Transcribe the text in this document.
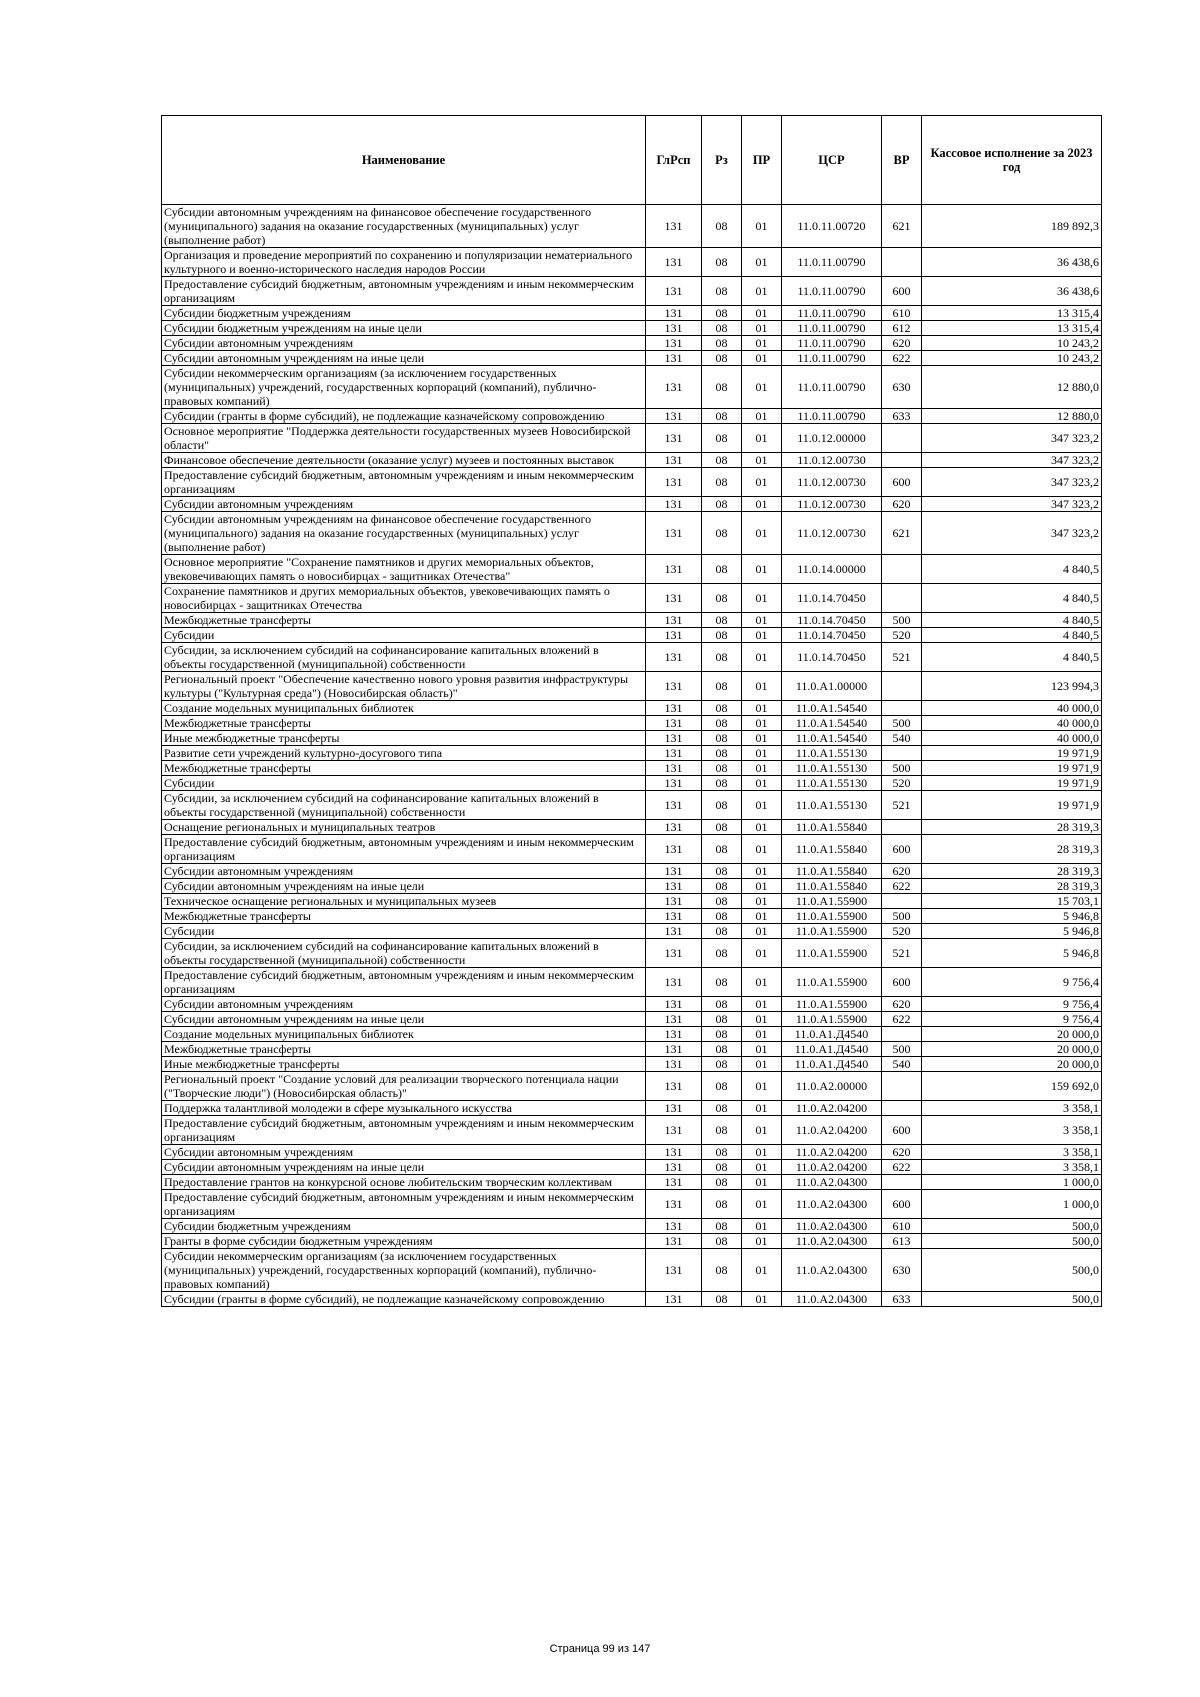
Наименование	ГлРсп	Рз	ПР	ЦСР	ВР	Кассовое исполнение за 2023 год
Субсидии автономным учреждениям на финансовое обеспечение государственного (муниципального) задания на оказание государственных (муниципальных) услуг (выполнение работ)	131	08	01	11.0.11.00720	621	189 892,3
Организация и проведение мероприятий по сохранению и популяризации нематериального культурного и военно-исторического наследия народов России	131	08	01	11.0.11.00790		36 438,6
Предоставление субсидий бюджетным, автономным учреждениям и иным некоммерческим организациям	131	08	01	11.0.11.00790	600	36 438,6
Субсидии бюджетным учреждениям	131	08	01	11.0.11.00790	610	13 315,4
Субсидии бюджетным учреждениям на иные цели	131	08	01	11.0.11.00790	612	13 315,4
Субсидии автономным учреждениям	131	08	01	11.0.11.00790	620	10 243,2
Субсидии автономным учреждениям на иные цели	131	08	01	11.0.11.00790	622	10 243,2
Субсидии некоммерческим организациям (за исключением государственных (муниципальных) учреждений, государственных корпораций (компаний), публично-правовых компаний)	131	08	01	11.0.11.00790	630	12 880,0
Субсидии (гранты в форме субсидий), не подлежащие казначейскому сопровождению	131	08	01	11.0.11.00790	633	12 880,0
Основное мероприятие "Поддержка деятельности государственных музеев Новосибирской области"	131	08	01	11.0.12.00000		347 323,2
Финансовое обеспечение деятельности (оказание услуг) музеев и постоянных выставок	131	08	01	11.0.12.00730		347 323,2
Предоставление субсидий бюджетным, автономным учреждениям и иным некоммерческим организациям	131	08	01	11.0.12.00730	600	347 323,2
Субсидии автономным учреждениям	131	08	01	11.0.12.00730	620	347 323,2
Субсидии автономным учреждениям на финансовое обеспечение государственного (муниципального) задания на оказание государственных (муниципальных) услуг (выполнение работ)	131	08	01	11.0.12.00730	621	347 323,2
Основное мероприятие "Сохранение памятников и других мемориальных объектов, увековечивающих память о новосибирцах - защитниках Отечества"	131	08	01	11.0.14.00000		4 840,5
Сохранение памятников и других мемориальных объектов, увековечивающих память о новосибирцах - защитниках Отечества	131	08	01	11.0.14.70450		4 840,5
Межбюджетные трансферты	131	08	01	11.0.14.70450	500	4 840,5
Субсидии	131	08	01	11.0.14.70450	520	4 840,5
Субсидии, за исключением субсидий на софинансирование капитальных вложений в объекты государственной (муниципальной) собственности	131	08	01	11.0.14.70450	521	4 840,5
Региональный проект "Обеспечение качественно нового уровня развития инфраструктуры культуры ("Культурная среда") (Новосибирская область)"	131	08	01	11.0.А1.00000		123 994,3
Создание модельных муниципальных библиотек	131	08	01	11.0.А1.54540		40 000,0
Межбюджетные трансферты	131	08	01	11.0.А1.54540	500	40 000,0
Иные межбюджетные трансферты	131	08	01	11.0.А1.54540	540	40 000,0
Развитие сети учреждений культурно-досугового типа	131	08	01	11.0.А1.55130		19 971,9
Межбюджетные трансферты	131	08	01	11.0.А1.55130	500	19 971,9
Субсидии	131	08	01	11.0.А1.55130	520	19 971,9
Субсидии, за исключением субсидий на софинансирование капитальных вложений в объекты государственной (муниципальной) собственности	131	08	01	11.0.А1.55130	521	19 971,9
Оснащение региональных и муниципальных театров	131	08	01	11.0.А1.55840		28 319,3
Предоставление субсидий бюджетным, автономным учреждениям и иным некоммерческим организациям	131	08	01	11.0.А1.55840	600	28 319,3
Субсидии автономным учреждениям	131	08	01	11.0.А1.55840	620	28 319,3
Субсидии автономным учреждениям на иные цели	131	08	01	11.0.А1.55840	622	28 319,3
Техническое оснащение региональных и муниципальных музеев	131	08	01	11.0.А1.55900		15 703,1
Межбюджетные трансферты	131	08	01	11.0.А1.55900	500	5 946,8
Субсидии	131	08	01	11.0.А1.55900	520	5 946,8
Субсидии, за исключением субсидий на софинансирование капитальных вложений в объекты государственной (муниципальной) собственности	131	08	01	11.0.А1.55900	521	5 946,8
Предоставление субсидий бюджетным, автономным учреждениям и иным некоммерческим организациям	131	08	01	11.0.А1.55900	600	9 756,4
Субсидии автономным учреждениям	131	08	01	11.0.А1.55900	620	9 756,4
Субсидии автономным учреждениям на иные цели	131	08	01	11.0.А1.55900	622	9 756,4
Создание модельных муниципальных библиотек	131	08	01	11.0.А1.Д4540		20 000,0
Межбюджетные трансферты	131	08	01	11.0.А1.Д4540	500	20 000,0
Иные межбюджетные трансферты	131	08	01	11.0.А1.Д4540	540	20 000,0
Региональный проект "Создание условий для реализации творческого потенциала нации ("Творческие люди") (Новосибирская область)"	131	08	01	11.0.А2.00000		159 692,0
Поддержка талантливой молодежи в сфере музыкального искусства	131	08	01	11.0.А2.04200		3 358,1
Предоставление субсидий бюджетным, автономным учреждениям и иным некоммерческим организациям	131	08	01	11.0.А2.04200	600	3 358,1
Субсидии автономным учреждениям	131	08	01	11.0.А2.04200	620	3 358,1
Субсидии автономным учреждениям на иные цели	131	08	01	11.0.А2.04200	622	3 358,1
Предоставление грантов на конкурсной основе любительским творческим коллективам	131	08	01	11.0.А2.04300		1 000,0
Предоставление субсидий бюджетным, автономным учреждениям и иным некоммерческим организациям	131	08	01	11.0.А2.04300	600	1 000,0
Субсидии бюджетным учреждениям	131	08	01	11.0.А2.04300	610	500,0
Гранты в форме субсидии бюджетным учреждениям	131	08	01	11.0.А2.04300	613	500,0
Субсидии некоммерческим организациям (за исключением государственных (муниципальных) учреждений, государственных корпораций (компаний), публично-правовых компаний)	131	08	01	11.0.А2.04300	630	500,0
Субсидии (гранты в форме субсидий), не подлежащие казначейскому сопровождению	131	08	01	11.0.А2.04300	633	500,0
Страница 99 из 147
